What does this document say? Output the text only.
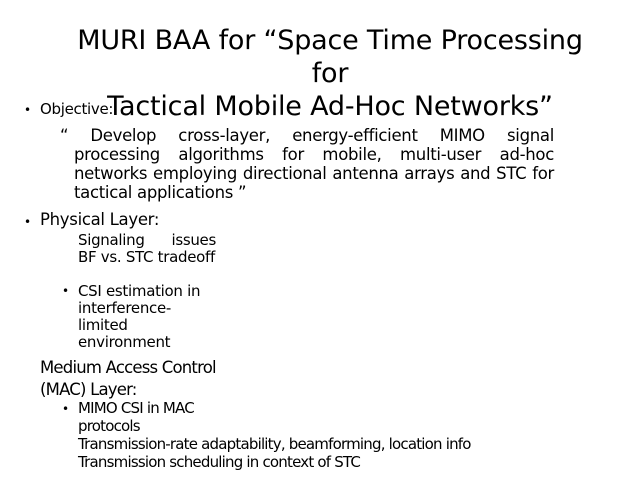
MURI BAA for “Space Time Processing
for
Tactical Mobile Ad-Hoc Networks”
• Objective:
“ Develop cross-layer, energy-efficient MIMO signal processing algorithms for mobile, multi-user ad-hoc networks employing directional antenna arrays and STC for tactical applications ”
• Physical Layer:
Signaling issues BF vs. STC tradeoff
• CSI estimation in interference-limited environment
Medium Access Control (MAC) Layer:
• MIMO CSI in MAC protocols
Transmission-rate adaptability, beamforming, location info Transmission scheduling in context of STC
